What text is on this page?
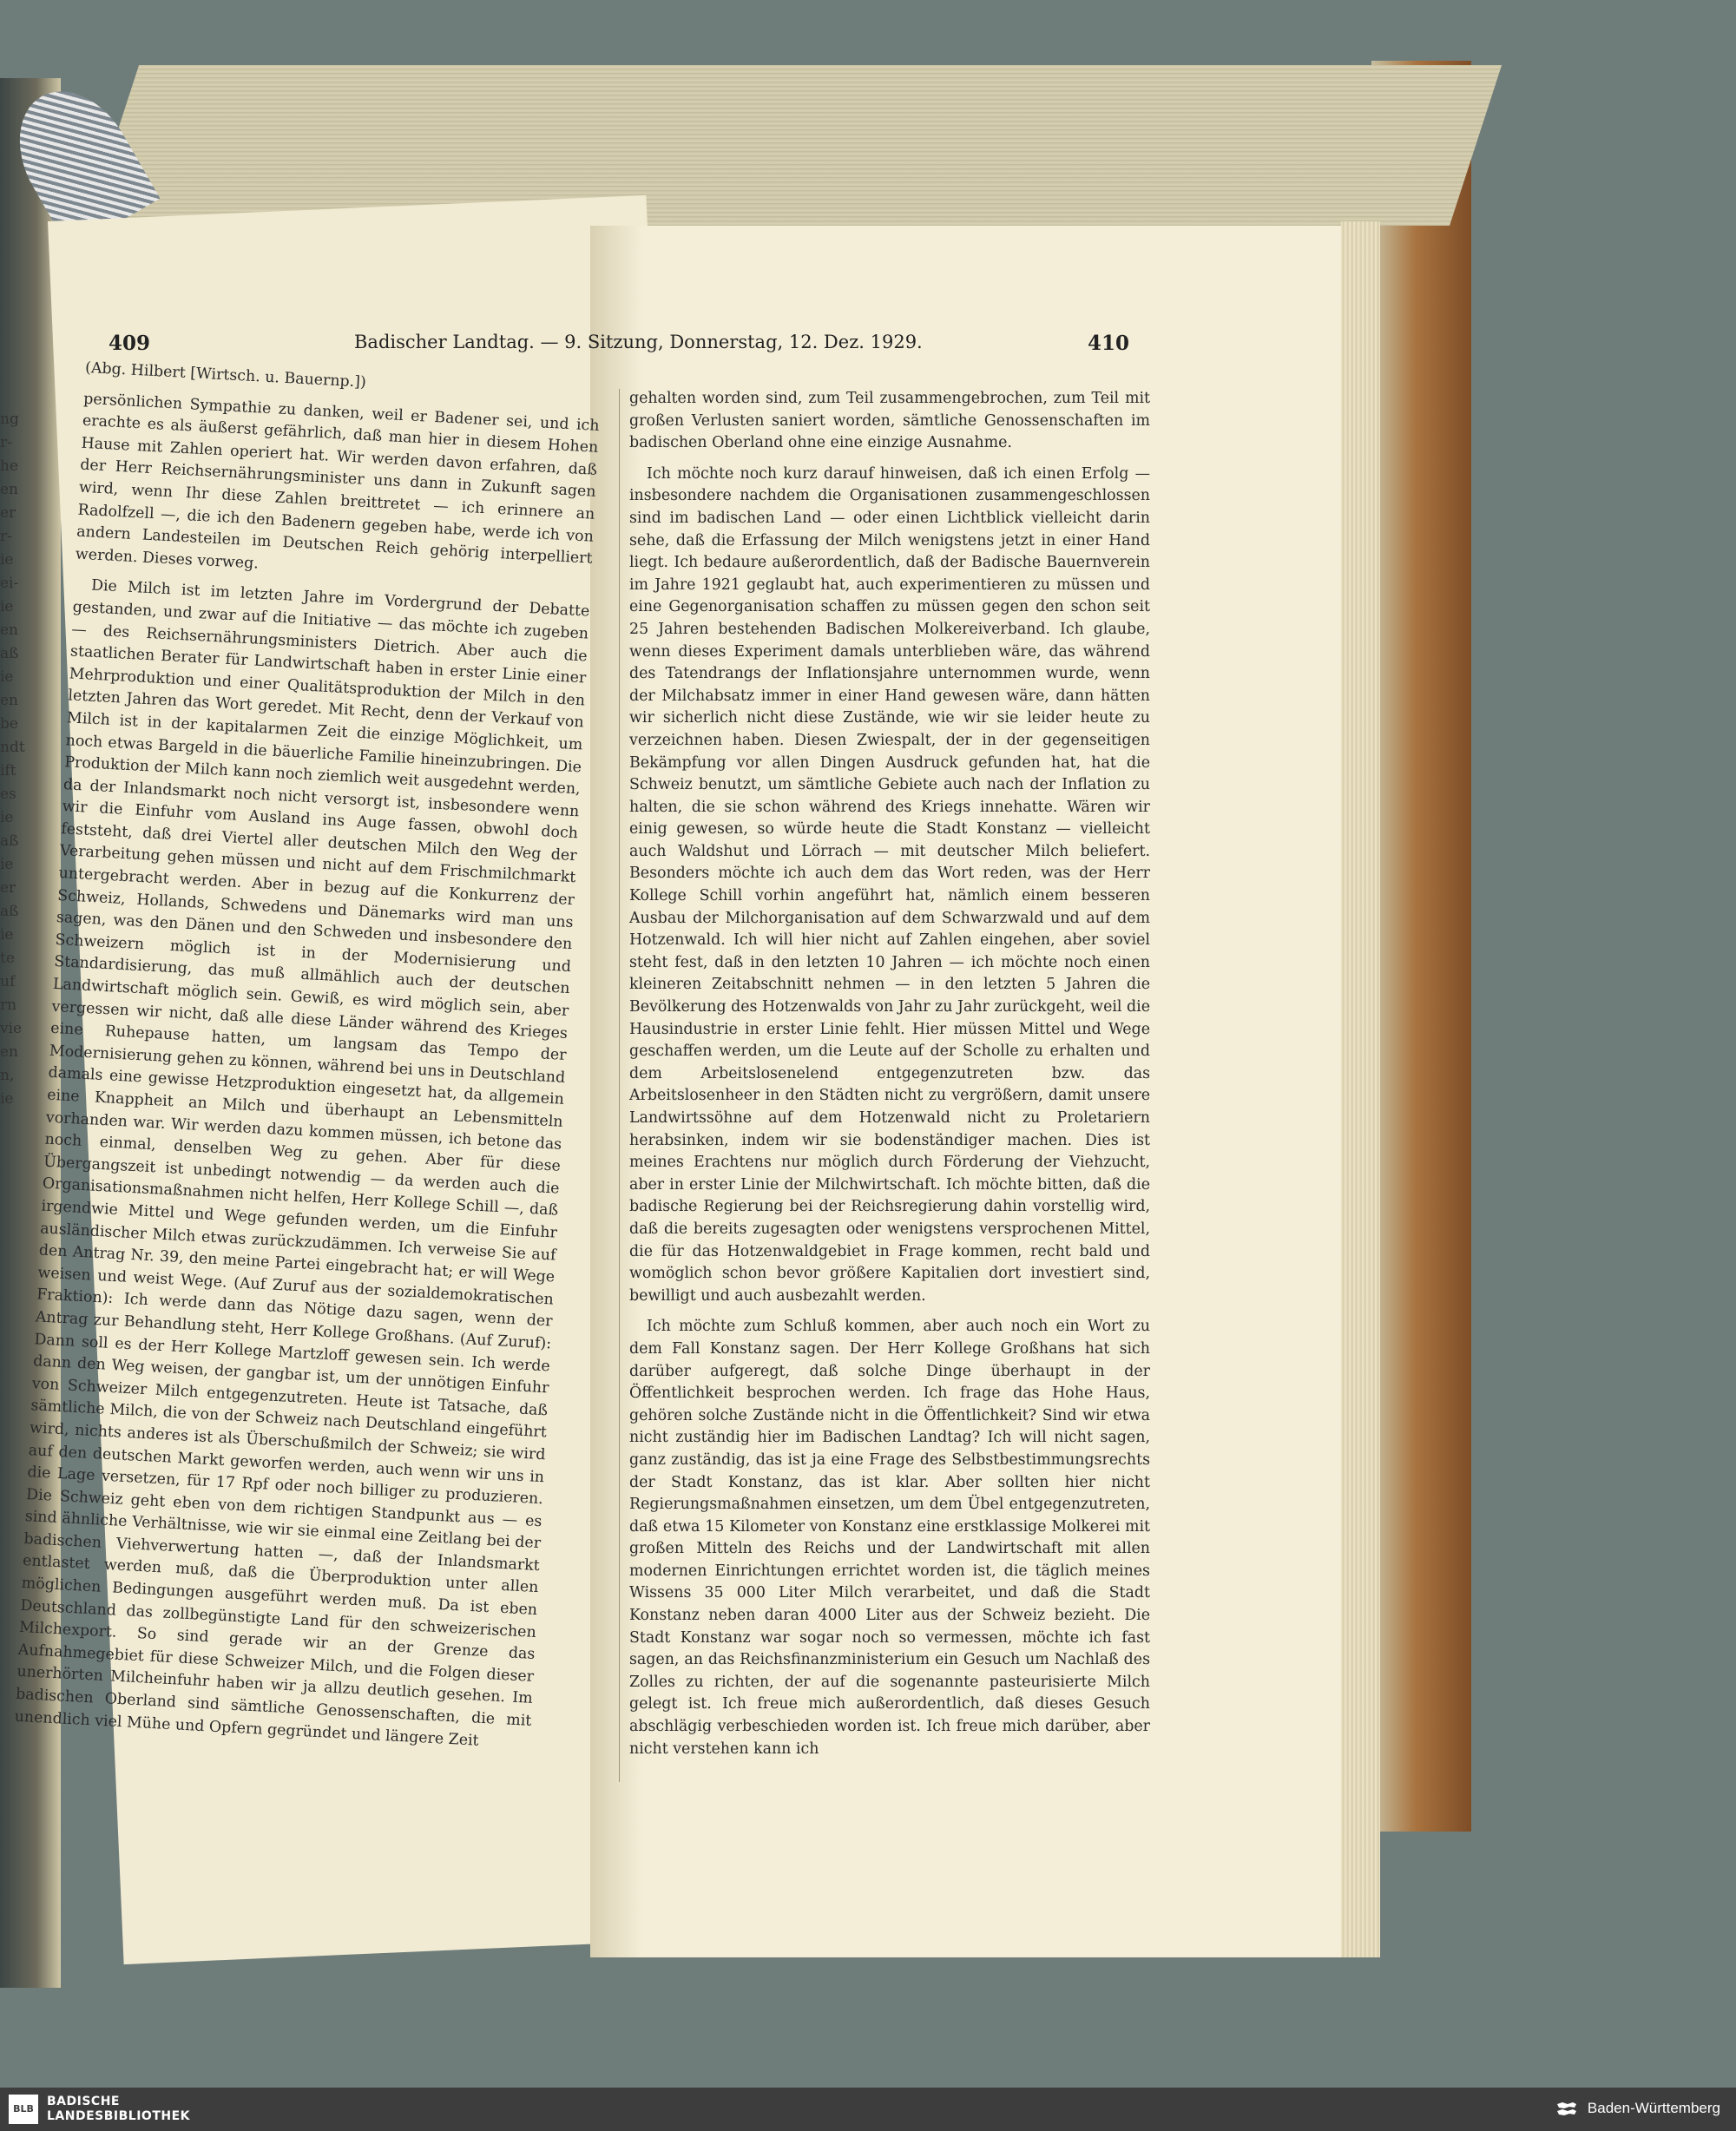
ng
r-
he
en
er
r-
ie
ei-
ie
en
aß
ie
en
be
ndt
ift
es
ie
aß
ie
er
aß
ie
te
uf
rn
vie
en
n,
ie
409	Badischer Landtag. — 9. Sitzung, Donnerstag, 12. Dez. 1929.	410

(Abg. Hilbert [Wirtsch. u. Bauernp.])

persönlichen Sympathie zu danken, weil er Badener sei, und ich erachte es als äußerst gefährlich, daß man hier in diesem Hohen Hause mit Zahlen operiert hat. Wir werden davon erfahren, daß der Herr Reichsernährungsminister uns dann in Zukunft sagen wird, wenn Ihr diese Zahlen breittretet — ich erinnere an Radolfzell —, die ich den Badenern gegeben habe, werde ich von andern Landesteilen im Deutschen Reich gehörig interpelliert werden. Dieses vorweg.

Die Milch ist im letzten Jahre im Vordergrund der Debatte gestanden, und zwar auf die Initiative — das möchte ich zugeben — des Reichsernährungsministers Dietrich. Aber auch die staatlichen Berater für Landwirtschaft haben in erster Linie einer Mehrproduktion und einer Qualitätsproduktion der Milch in den letzten Jahren das Wort geredet. Mit Recht, denn der Verkauf von Milch ist in der kapitalarmen Zeit die einzige Möglichkeit, um noch etwas Bargeld in die bäuerliche Familie hineinzubringen. Die Produktion der Milch kann noch ziemlich weit ausgedehnt werden, da der Inlandsmarkt noch nicht versorgt ist, insbesondere wenn wir die Einfuhr vom Ausland ins Auge fassen, obwohl doch feststeht, daß drei Viertel aller deutschen Milch den Weg der Verarbeitung gehen müssen und nicht auf dem Frischmilchmarkt untergebracht werden. Aber in bezug auf die Konkurrenz der Schweiz, Hollands, Schwedens und Dänemarks wird man uns sagen, was den Dänen und den Schweden und insbesondere den Schweizern möglich ist in der Modernisierung und Standardisierung, das muß allmählich auch der deutschen Landwirtschaft möglich sein. Gewiß, es wird möglich sein, aber vergessen wir nicht, daß alle diese Länder während des Krieges eine Ruhepause hatten, um langsam das Tempo der Modernisierung gehen zu können, während bei uns in Deutschland damals eine gewisse Hetzproduktion eingesetzt hat, da allgemein eine Knappheit an Milch und überhaupt an Lebensmitteln vorhanden war. Wir werden dazu kommen müssen, ich betone das noch einmal, denselben Weg zu gehen. Aber für diese Übergangszeit ist unbedingt notwendig — da werden auch die Organisationsmaßnahmen nicht helfen, Herr Kollege Schill —, daß irgendwie Mittel und Wege gefunden werden, um die Einfuhr ausländischer Milch etwas zurückzudämmen. Ich verweise Sie auf den Antrag Nr. 39, den meine Partei eingebracht hat; er will Wege weisen und weist Wege. (Auf Zuruf aus der sozialdemokratischen Fraktion): Ich werde dann das Nötige dazu sagen, wenn der Antrag zur Behandlung steht, Herr Kollege Großhans. (Auf Zuruf): Dann soll es der Herr Kollege Martzloff gewesen sein. Ich werde dann den Weg weisen, der gangbar ist, um der unnötigen Einfuhr von Schweizer Milch entgegenzutreten. Heute ist Tatsache, daß sämtliche Milch, die von der Schweiz nach Deutschland eingeführt wird, nichts anderes ist als Überschußmilch der Schweiz; sie wird auf den deutschen Markt geworfen werden, auch wenn wir uns in die Lage versetzen, für 17 Rpf oder noch billiger zu produzieren. Die Schweiz geht eben von dem richtigen Standpunkt aus — es sind ähnliche Verhältnisse, wie wir sie einmal eine Zeitlang bei der badischen Viehverwertung hatten —, daß der Inlandsmarkt entlastet werden muß, daß die Überproduktion unter allen möglichen Bedingungen ausgeführt werden muß. Da ist eben Deutschland das zollbegünstigte Land für den schweizerischen Milchexport. So sind gerade wir an der Grenze das Aufnahmegebiet für diese Schweizer Milch, und die Folgen dieser unerhörten Milcheinfuhr haben wir ja allzu deutlich gesehen. Im badischen Oberland sind sämtliche Genossenschaften, die mit unendlich viel Mühe und Opfern gegründet und längere Zeit

gehalten worden sind, zum Teil zusammengebrochen, zum Teil mit großen Verlusten saniert worden, sämtliche Genossenschaften im badischen Oberland ohne eine einzige Ausnahme.

Ich möchte noch kurz darauf hinweisen, daß ich einen Erfolg — insbesondere nachdem die Organisationen zusammengeschlossen sind im badischen Land — oder einen Lichtblick vielleicht darin sehe, daß die Erfassung der Milch wenigstens jetzt in einer Hand liegt. Ich bedaure außerordentlich, daß der Badische Bauernverein im Jahre 1921 geglaubt hat, auch experimentieren zu müssen und eine Gegenorganisation schaffen zu müssen gegen den schon seit 25 Jahren bestehenden Badischen Molkereiverband. Ich glaube, wenn dieses Experiment damals unterblieben wäre, das während des Tatendrangs der Inflationsjahre unternommen wurde, wenn der Milchabsatz immer in einer Hand gewesen wäre, dann hätten wir sicherlich nicht diese Zustände, wie wir sie leider heute zu verzeichnen haben. Diesen Zwiespalt, der in der gegenseitigen Bekämpfung vor allen Dingen Ausdruck gefunden hat, hat die Schweiz benutzt, um sämtliche Gebiete auch nach der Inflation zu halten, die sie schon während des Kriegs innehatte. Wären wir einig gewesen, so würde heute die Stadt Konstanz — vielleicht auch Waldshut und Lörrach — mit deutscher Milch beliefert. Besonders möchte ich auch dem das Wort reden, was der Herr Kollege Schill vorhin angeführt hat, nämlich einem besseren Ausbau der Milchorganisation auf dem Schwarzwald und auf dem Hotzenwald. Ich will hier nicht auf Zahlen eingehen, aber soviel steht fest, daß in den letzten 10 Jahren — ich möchte noch einen kleineren Zeitabschnitt nehmen — in den letzten 5 Jahren die Bevölkerung des Hotzenwalds von Jahr zu Jahr zurückgeht, weil die Hausindustrie in erster Linie fehlt. Hier müssen Mittel und Wege geschaffen werden, um die Leute auf der Scholle zu erhalten und dem Arbeitslosenelend entgegenzutreten bzw. das Arbeitslosenheer in den Städten nicht zu vergrößern, damit unsere Landwirtssöhne auf dem Hotzenwald nicht zu Proletariern herabsinken, indem wir sie bodenständiger machen. Dies ist meines Erachtens nur möglich durch Förderung der Viehzucht, aber in erster Linie der Milchwirtschaft. Ich möchte bitten, daß die badische Regierung bei der Reichsregierung dahin vorstellig wird, daß die bereits zugesagten oder wenigstens versprochenen Mittel, die für das Hotzenwaldgebiet in Frage kommen, recht bald und womöglich schon bevor größere Kapitalien dort investiert sind, bewilligt und auch ausbezahlt werden.

Ich möchte zum Schluß kommen, aber auch noch ein Wort zu dem Fall Konstanz sagen. Der Herr Kollege Großhans hat sich darüber aufgeregt, daß solche Dinge überhaupt in der Öffentlichkeit besprochen werden. Ich frage das Hohe Haus, gehören solche Zustände nicht in die Öffentlichkeit? Sind wir etwa nicht zuständig hier im Badischen Landtag? Ich will nicht sagen, ganz zuständig, das ist ja eine Frage des Selbstbestimmungsrechts der Stadt Konstanz, das ist klar. Aber sollten hier nicht Regierungsmaßnahmen einsetzen, um dem Übel entgegenzutreten, daß etwa 15 Kilometer von Konstanz eine erstklassige Molkerei mit großen Mitteln des Reichs und der Landwirtschaft mit allen modernen Einrichtungen errichtet worden ist, die täglich meines Wissens 35 000 Liter Milch verarbeitet, und daß die Stadt Konstanz neben daran 4000 Liter aus der Schweiz bezieht. Die Stadt Konstanz war sogar noch so vermessen, möchte ich fast sagen, an das Reichsfinanzministerium ein Gesuch um Nachlaß des Zolles zu richten, der auf die sogenannte pasteurisierte Milch gelegt ist. Ich freue mich außerordentlich, daß dieses Gesuch abschlägig verbeschieden worden ist. Ich freue mich darüber, aber nicht verstehen kann ich

BLB
BADISCHE
LANDESBIBLIOTHEK	Baden-Württemberg
